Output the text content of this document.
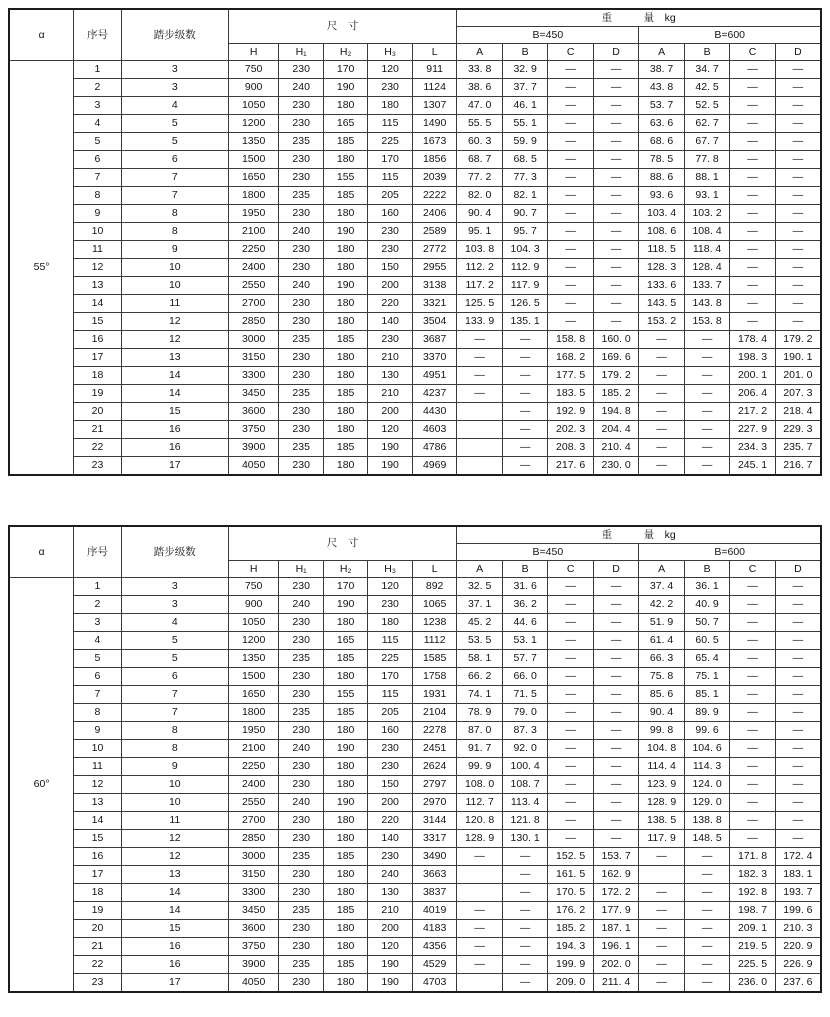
α	序号	踏步级数	尺　寸					重　　　量　kg							
								B=450				B=600			
			H	H₁	H₂	H₃	L	A	B	C	D	A	B	C	D
55°	1	3	750	230	170	120	911	33. 8	32. 9	—	—	38. 7	34. 7	—	—
	2	3	900	240	190	230	1124	38. 6	37. 7	—	—	43. 8	42. 5	—	—
	3	4	1050	230	180	180	1307	47. 0	46. 1	—	—	53. 7	52. 5	—	—
	4	5	1200	230	165	115	1490	55. 5	55. 1	—	—	63. 6	62. 7	—	—
	5	5	1350	235	185	225	1673	60. 3	59. 9	—	—	68. 6	67. 7	—	—
	6	6	1500	230	180	170	1856	68. 7	68. 5	—	—	78. 5	77. 8	—	—
	7	7	1650	230	155	115	2039	77. 2	77. 3	—	—	88. 6	88. 1	—	—
	8	7	1800	235	185	205	2222	82. 0	82. 1	—	—	93. 6	93. 1	—	—
	9	8	1950	230	180	160	2406	90. 4	90. 7	—	—	103. 4	103. 2	—	—
	10	8	2100	240	190	230	2589	95. 1	95. 7	—	—	108. 6	108. 4	—	—
	11	9	2250	230	180	230	2772	103. 8	104. 3	—	—	118. 5	118. 4	—	—
	12	10	2400	230	180	150	2955	112. 2	112. 9	—	—	128. 3	128. 4	—	—
	13	10	2550	240	190	200	3138	117. 2	117. 9	—	—	133. 6	133. 7	—	—
	14	11	2700	230	180	220	3321	125. 5	126. 5	—	—	143. 5	143. 8	—	—
	15	12	2850	230	180	140	3504	133. 9	135. 1	—	—	153. 2	153. 8	—	—
	16	12	3000	235	185	230	3687	—	—	158. 8	160. 0	—	—	178. 4	179. 2
	17	13	3150	230	180	210	3370	—	—	168. 2	169. 6	—	—	198. 3	190. 1
	18	14	3300	230	180	130	4951	—	—	177. 5	179. 2	—	—	200. 1	201. 0
	19	14	3450	235	185	210	4237	—	—	183. 5	185. 2	—	—	206. 4	207. 3
	20	15	3600	230	180	200	4430		—	192. 9	194. 8	—	—	217. 2	218. 4
	21	16	3750	230	180	120	4603		—	202. 3	204. 4	—	—	227. 9	229. 3
	22	16	3900	235	185	190	4786		—	208. 3	210. 4	—	—	234. 3	235. 7
	23	17	4050	230	180	190	4969		—	217. 6	230. 0	—	—	245. 1	216. 7
α	序号	踏步级数	尺　寸					重　　　量　kg							
								B=450				B=600			
			H	H₁	H₂	H₃	L	A	B	C	D	A	B	C	D
60°	1	3	750	230	170	120	892	32. 5	31. 6	—	—	37. 4	36. 1	—	—
	2	3	900	240	190	230	1065	37. 1	36. 2	—	—	42. 2	40. 9	—	—
	3	4	1050	230	180	180	1238	45. 2	44. 6	—	—	51. 9	50. 7	—	—
	4	5	1200	230	165	115	1112	53. 5	53. 1	—	—	61. 4	60. 5	—	—
	5	5	1350	235	185	225	1585	58. 1	57. 7	—	—	66. 3	65. 4	—	—
	6	6	1500	230	180	170	1758	66. 2	66. 0	—	—	75. 8	75. 1	—	—
	7	7	1650	230	155	115	1931	74. 1	71. 5	—	—	85. 6	85. 1	—	—
	8	7	1800	235	185	205	2104	78. 9	79. 0	—	—	90. 4	89. 9	—	—
	9	8	1950	230	180	160	2278	87. 0	87. 3	—	—	99. 8	99. 6	—	—
	10	8	2100	240	190	230	2451	91. 7	92. 0	—	—	104. 8	104. 6	—	—
	11	9	2250	230	180	230	2624	99. 9	100. 4	—	—	114. 4	114. 3	—	—
	12	10	2400	230	180	150	2797	108. 0	108. 7	—	—	123. 9	124. 0	—	—
	13	10	2550	240	190	200	2970	112. 7	113. 4	—	—	128. 9	129. 0	—	—
	14	11	2700	230	180	220	3144	120. 8	121. 8	—	—	138. 5	138. 8	—	—
	15	12	2850	230	180	140	3317	128. 9	130. 1	—	—	117. 9	148. 5	—	—
	16	12	3000	235	185	230	3490	—	—	152. 5	153. 7	—	—	171. 8	172. 4
	17	13	3150	230	180	240	3663		—	161. 5	162. 9		—	182. 3	183. 1
	18	14	3300	230	180	130	3837		—	170. 5	172. 2	—	—	192. 8	193. 7
	19	14	3450	235	185	210	4019	—	—	176. 2	177. 9	—	—	198. 7	199. 6
	20	15	3600	230	180	200	4183	—	—	185. 2	187. 1	—	—	209. 1	210. 3
	21	16	3750	230	180	120	4356	—	—	194. 3	196. 1	—	—	219. 5	220. 9
	22	16	3900	235	185	190	4529	—	—	199. 9	202. 0	—	—	225. 5	226. 9
	23	17	4050	230	180	190	4703		—	209. 0	211. 4	—	—	236. 0	237. 6
